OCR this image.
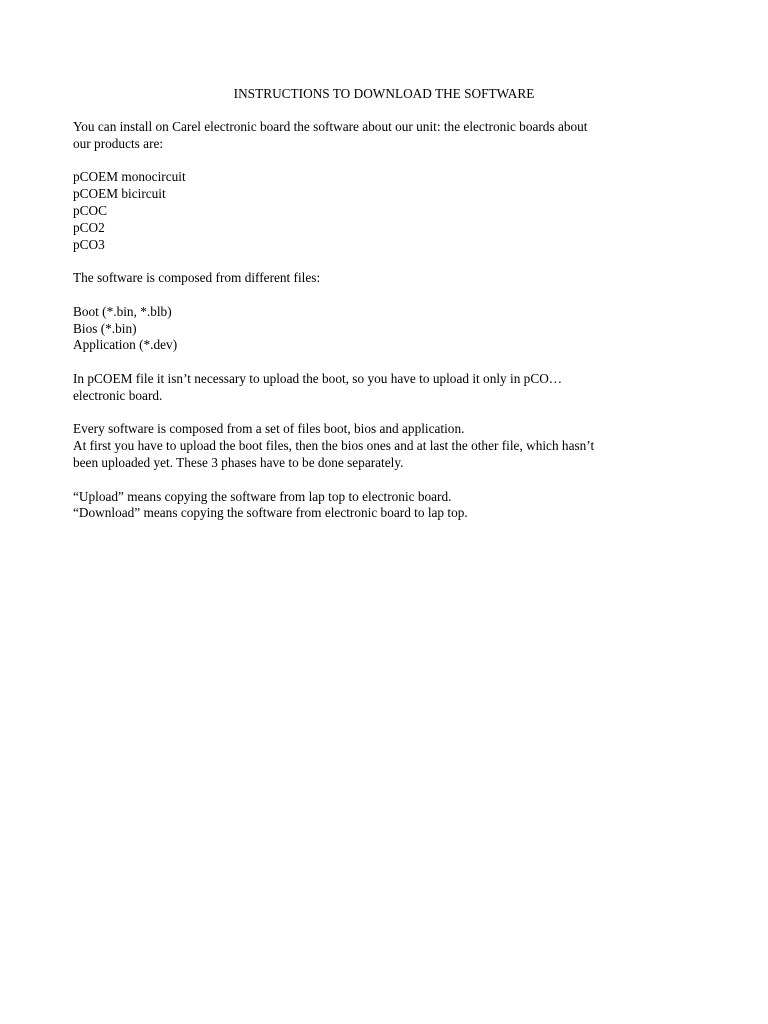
INSTRUCTIONS TO DOWNLOAD THE SOFTWARE

You can install on Carel electronic board the software about our unit: the electronic boards about
our products are:

pCOEM monocircuit
pCOEM bicircuit
pCOC
pCO2
pCO3

The software is composed from different files:

Boot (*.bin, *.blb)
Bios (*.bin)
Application (*.dev)

In pCOEM file it isn’t necessary to upload the boot, so you have to upload it only in pCO…
electronic board.

Every software is composed from a set of files boot, bios and application.
At first you have to upload the boot files, then the bios ones and at last the other file, which hasn’t
been uploaded yet. These 3 phases have to be done separately.

“Upload” means copying the software from lap top to electronic board.
“Download” means copying the software from electronic board to lap top.
